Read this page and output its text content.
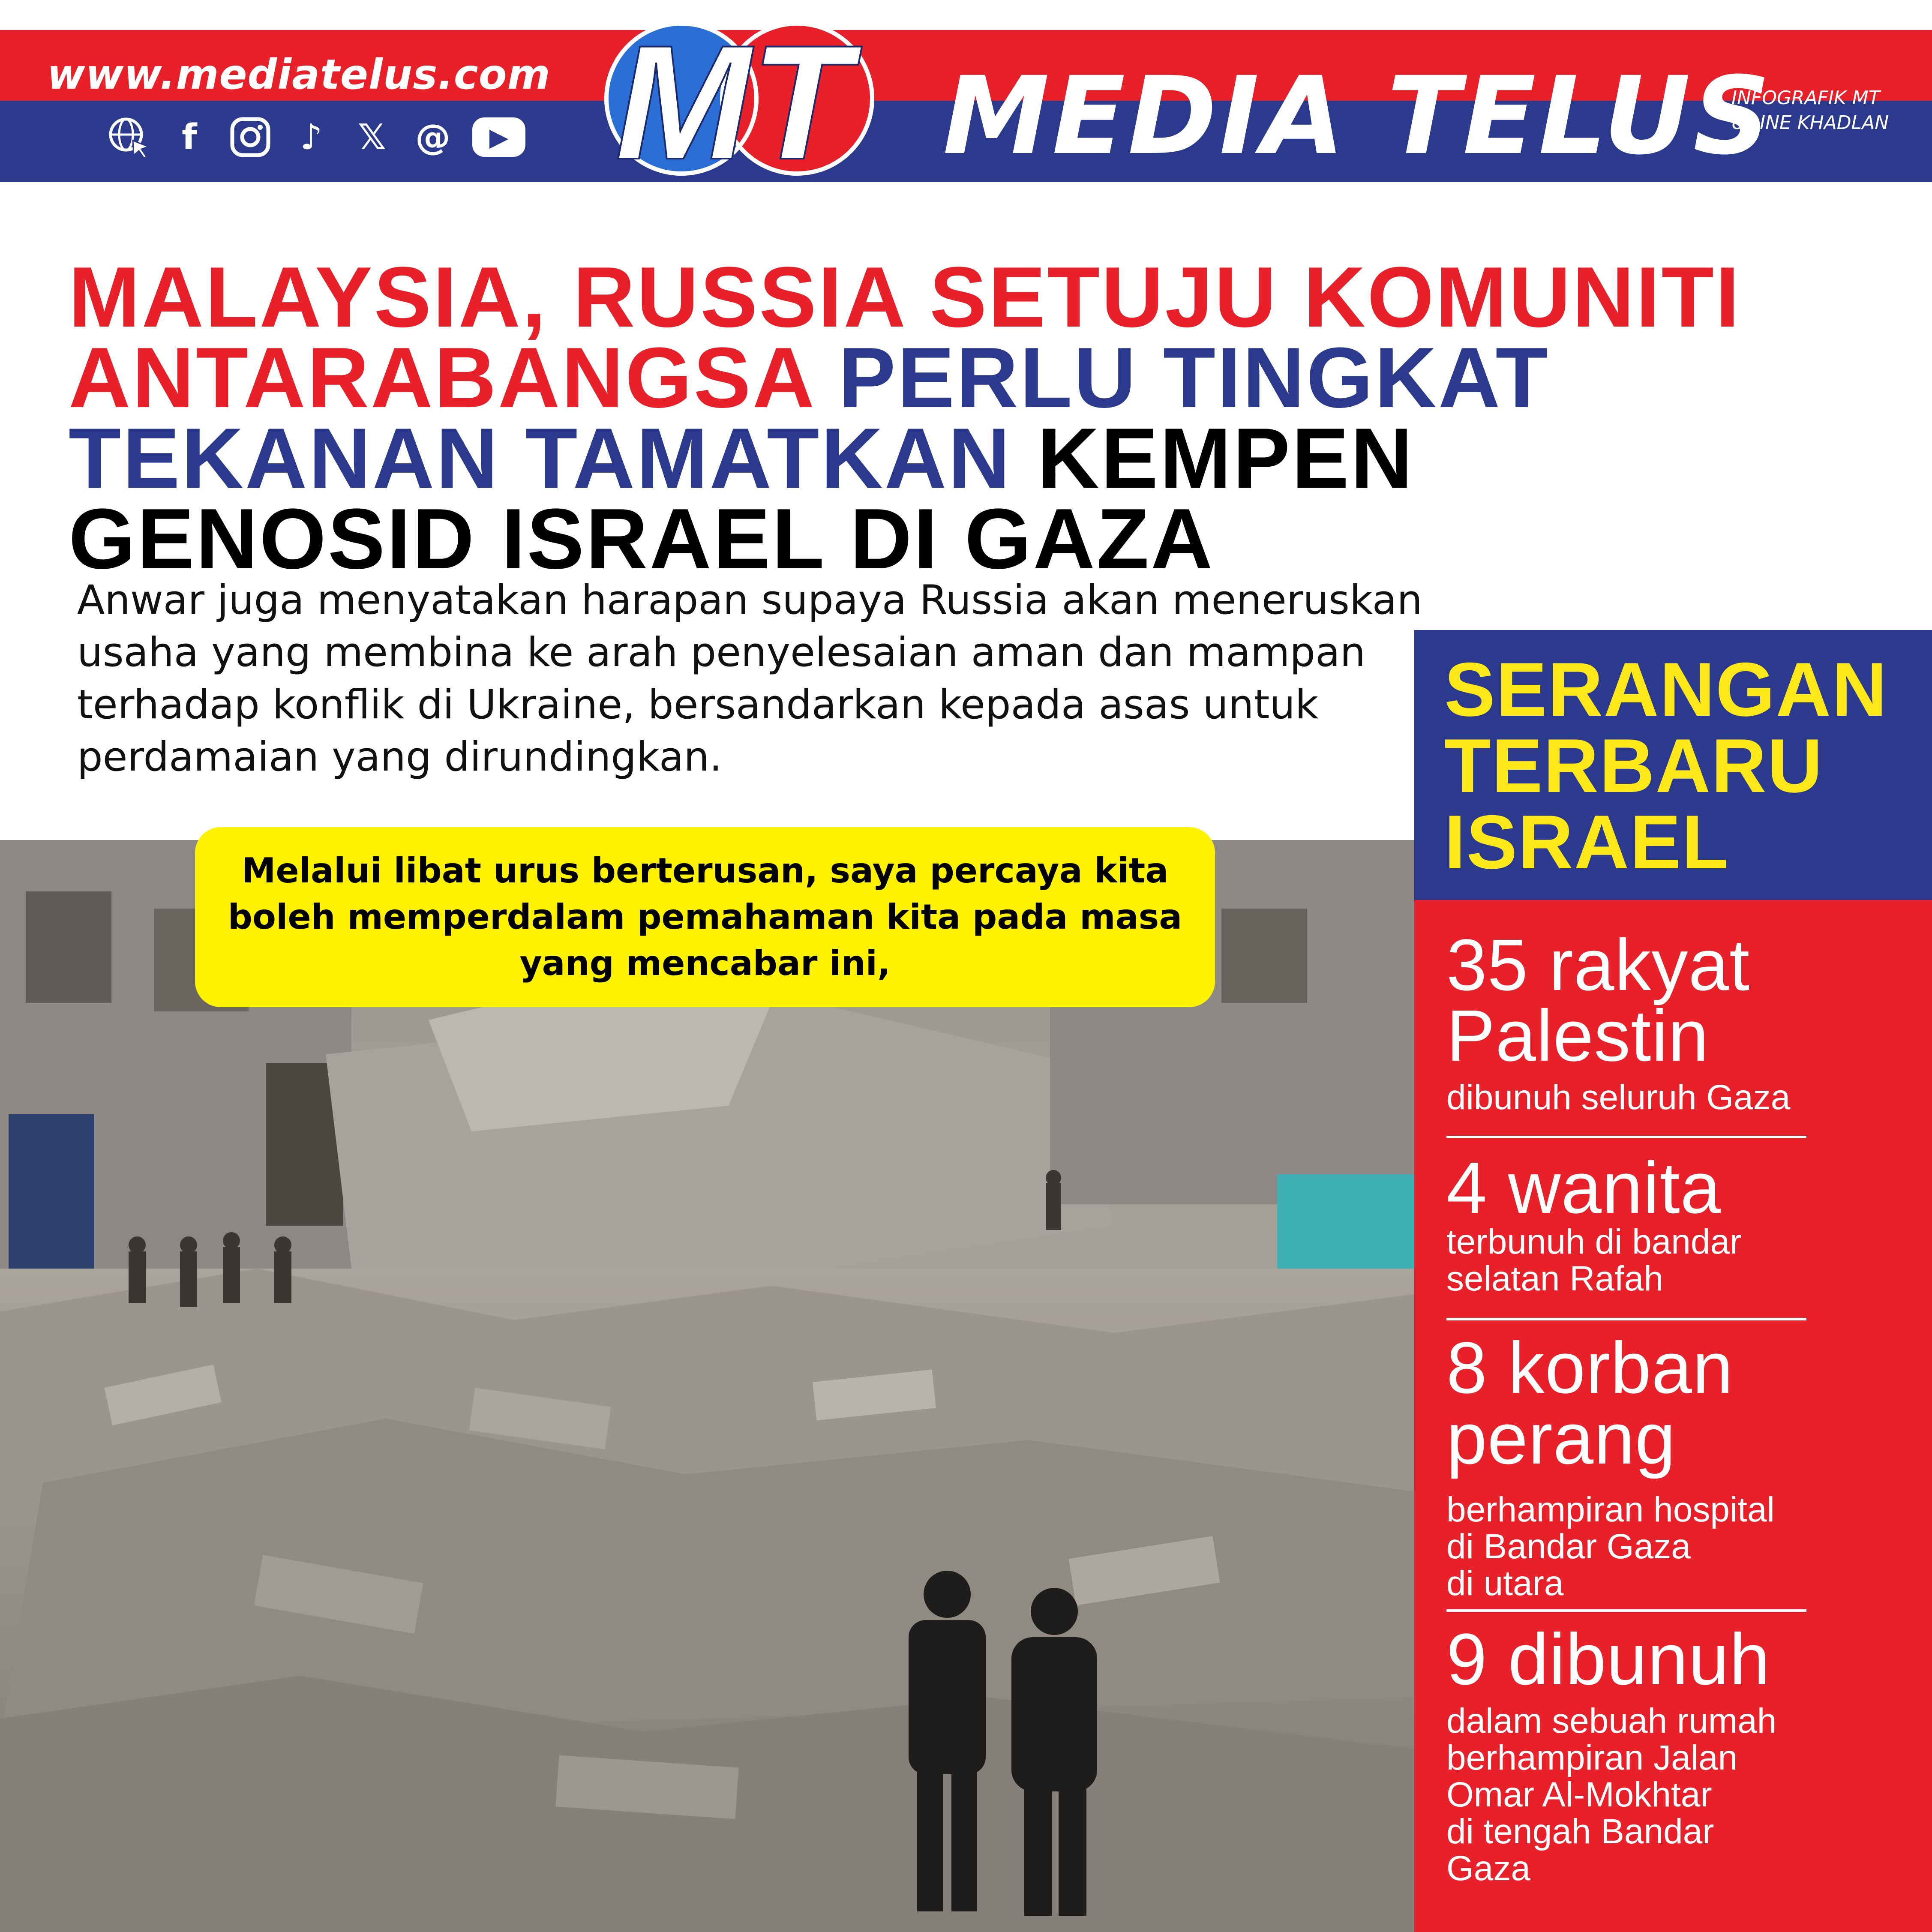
www.mediatelus.com
f	♪ 𝕏 @	▶ MT MEDIA TELUS
INFOGRAFIK MT
UDINE KHADLAN
MALAYSIA, RUSSIA SETUJU KOMUNITI ANTARABANGSA PERLU TINGKAT TEKANAN TAMATKAN KEMPEN GENOSID ISRAEL DI GAZA
Anwar juga menyatakan harapan supaya Russia akan meneruskan usaha yang membina ke arah penyelesaian aman dan mampan terhadap konflik di Ukraine, bersandarkan kepada asas untuk perdamaian yang dirundingkan.

Melalui libat urus berterusan, saya percaya kita boleh memperdalam pemahaman kita pada masa yang mencabar ini,

SERANGAN
TERBARU
ISRAEL
35 rakyat
Palestin
dibunuh seluruh Gaza
4 wanita
terbunuh di bandar
selatan Rafah
8 korban
perang
berhampiran hospital
di Bandar Gaza
di utara
9 dibunuh
dalam sebuah rumah
berhampiran Jalan
Omar Al-Mokhtar
di tengah Bandar
Gaza
